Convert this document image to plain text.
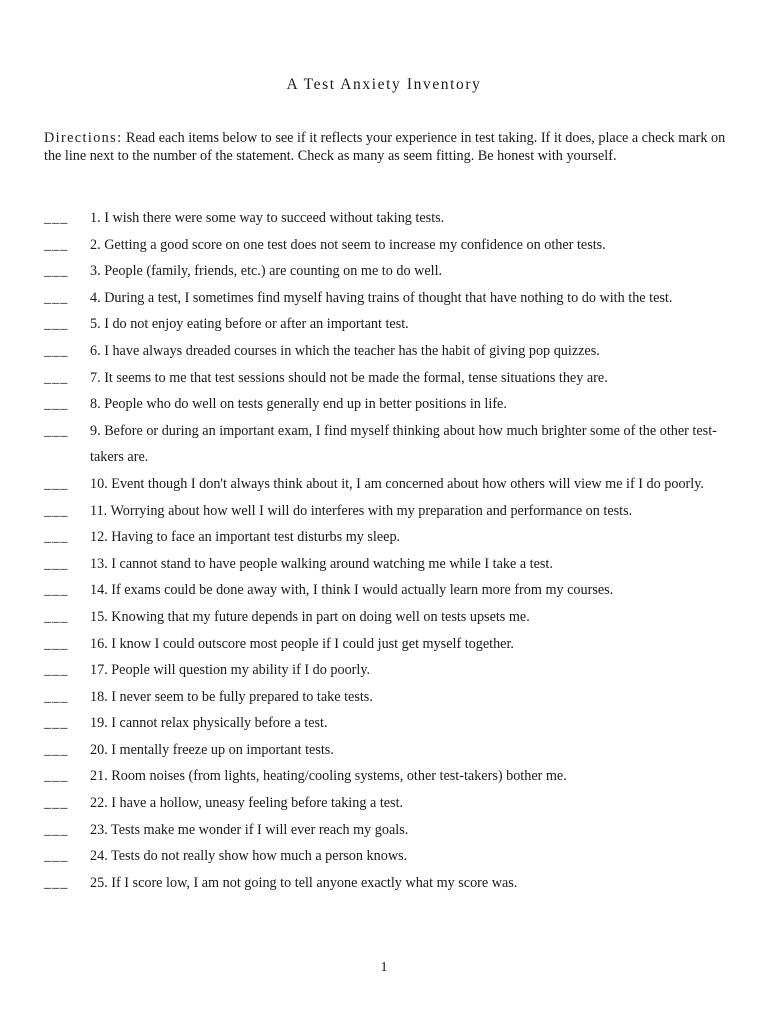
A Test Anxiety Inventory
Directions: Read each items below to see if it reflects your experience in test taking. If it does, place a check mark on the line next to the number of the statement. Check as many as seem fitting. Be honest with yourself.
___ 1. I wish there were some way to succeed without taking tests.
___ 2. Getting a good score on one test does not seem to increase my confidence on other tests.
___ 3. People (family, friends, etc.) are counting on me to do well.
___ 4. During a test, I sometimes find myself having trains of thought that have nothing to do with the test.
___ 5. I do not enjoy eating before or after an important test.
___ 6. I have always dreaded courses in which the teacher has the habit of giving pop quizzes.
___ 7. It seems to me that test sessions should not be made the formal, tense situations they are.
___ 8. People who do well on tests generally end up in better positions in life.
___ 9. Before or during an important exam, I find myself thinking about how much brighter some of the other test-takers are.
___ 10. Event though I don't always think about it, I am concerned about how others will view me if I do poorly.
___ 11. Worrying about how well I will do interferes with my preparation and performance on tests.
___ 12. Having to face an important test disturbs my sleep.
___ 13. I cannot stand to have people walking around watching me while I take a test.
___ 14. If exams could be done away with, I think I would actually learn more from my courses.
___ 15. Knowing that my future depends in part on doing well on tests upsets me.
___ 16. I know I could outscore most people if I could just get myself together.
___ 17. People will question my ability if I do poorly.
___ 18. I never seem to be fully prepared to take tests.
___ 19. I cannot relax physically before a test.
___ 20. I mentally freeze up on important tests.
___ 21. Room noises (from lights, heating/cooling systems, other test-takers) bother me.
___ 22. I have a hollow, uneasy feeling before taking a test.
___ 23. Tests make me wonder if I will ever reach my goals.
___ 24. Tests do not really show how much a person knows.
___ 25. If I score low, I am not going to tell anyone exactly what my score was.
1
